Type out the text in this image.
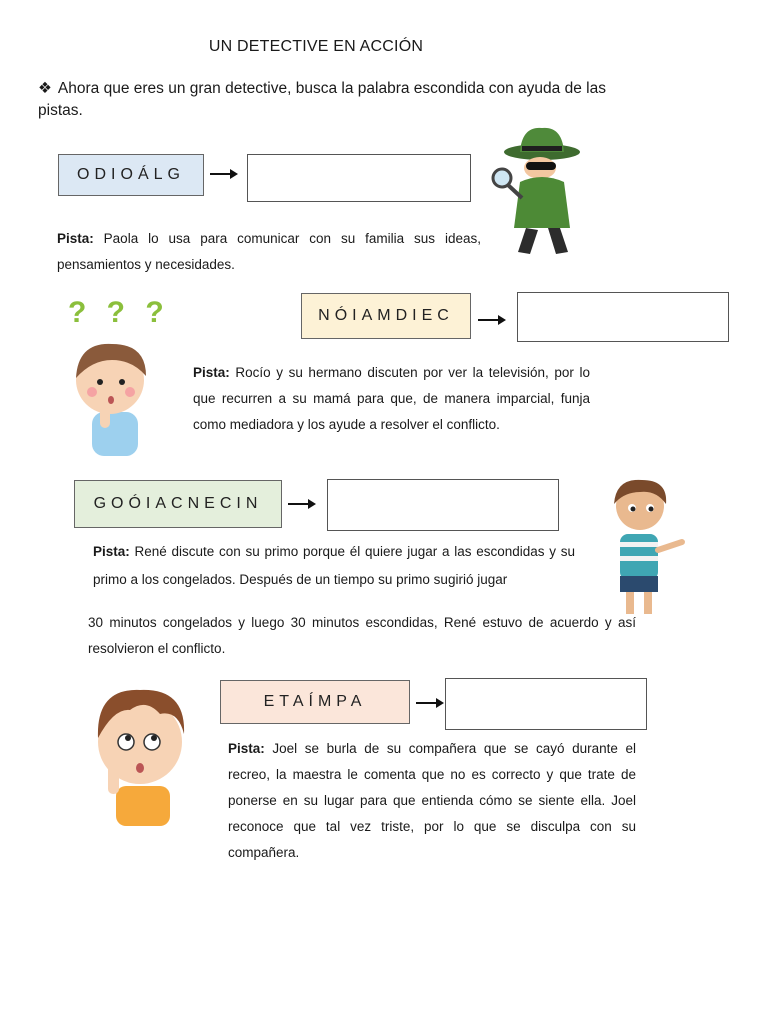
UN DETECTIVE EN ACCIÓN
❖ Ahora que eres un gran detective, busca la palabra escondida con ayuda de las pistas.
ODIOÁLG
Pista: Paola lo usa para comunicar con su familia sus ideas, pensamientos y necesidades.
? ? ?	NÓIAMDIEC
Pista: Rocío y su hermano discuten por ver la televisión, por lo que recurren a su mamá para que, de manera imparcial, funja como mediadora y los ayude a resolver el conflicto.
GOÓIACNECIN
Pista: René discute con su primo porque él quiere jugar a las escondidas y su primo a los congelados. Después de un tiempo su primo sugirió jugar
30 minutos congelados y luego 30 minutos escondidas, René estuvo de acuerdo y así resolvieron el conflicto.
ETAÍMPA
Pista: Joel se burla de su compañera que se cayó durante el recreo, la maestra le comenta que no es correcto y que trate de ponerse en su lugar para que entienda cómo se siente ella. Joel reconoce que tal vez triste, por lo que se disculpa con su compañera.
